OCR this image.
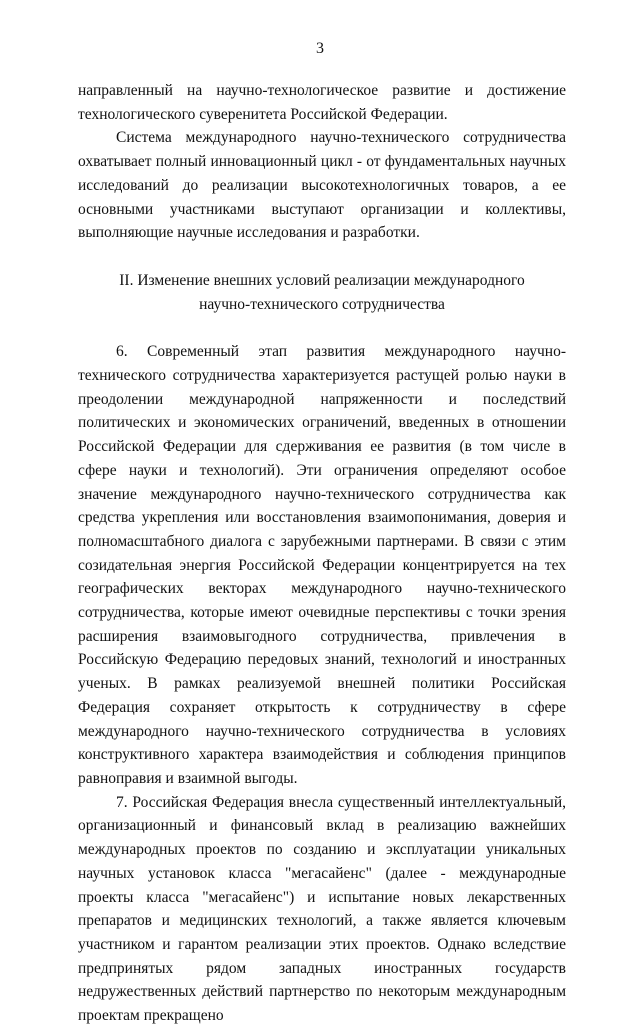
3

направленный на научно-технологическое развитие и достижение технологического суверенитета Российской Федерации.

Система международного научно-технического сотрудничества охватывает полный инновационный цикл - от фундаментальных научных исследований до реализации высокотехнологичных товаров, а ее основными участниками выступают организации и коллективы, выполняющие научные исследования и разработки.

II. Изменение внешних условий реализации международного научно-технического сотрудничества

6. Современный этап развития международного научно-технического сотрудничества характеризуется растущей ролью науки в преодолении международной напряженности и последствий политических и экономических ограничений, введенных в отношении Российской Федерации для сдерживания ее развития (в том числе в сфере науки и технологий). Эти ограничения определяют особое значение международного научно-технического сотрудничества как средства укрепления или восстановления взаимопонимания, доверия и полномасштабного диалога с зарубежными партнерами. В связи с этим созидательная энергия Российской Федерации концентрируется на тех географических векторах международного научно-технического сотрудничества, которые имеют очевидные перспективы с точки зрения расширения взаимовыгодного сотрудничества, привлечения в Российскую Федерацию передовых знаний, технологий и иностранных ученых. В рамках реализуемой внешней политики Российская Федерация сохраняет открытость к сотрудничеству в сфере международного научно-технического сотрудничества в условиях конструктивного характера взаимодействия и соблюдения принципов равноправия и взаимной выгоды.

7. Российская Федерация внесла существенный интеллектуальный, организационный и финансовый вклад в реализацию важнейших международных проектов по созданию и эксплуатации уникальных научных установок класса "мегасайенс" (далее - международные проекты класса "мегасайенс") и испытание новых лекарственных препаратов и медицинских технологий, а также является ключевым участником и гарантом реализации этих проектов. Однако вследствие предпринятых рядом западных иностранных государств недружественных действий партнерство по некоторым международным проектам прекращено
